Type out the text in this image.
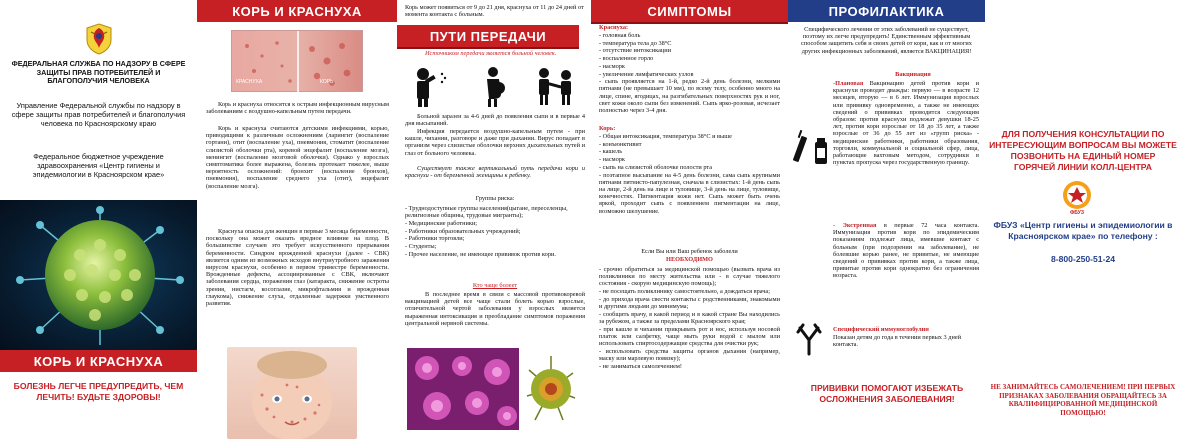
ФЕДЕРАЛЬНАЯ СЛУЖБА ПО НАДЗОРУ В СФЕРЕ ЗАЩИТЫ ПРАВ ПОТРЕБИТЕЛЕЙ И БЛАГОПОЛУЧИЯ ЧЕЛОВЕКА
Управление Федеральной службы по надзору в сфере защиты прав потребителей и благополучия человека по Красноярскому краю
Федеральное бюджетное учреждение здравоохранения «Центр гигиены и эпидемиологии в Красноярском крае»
КОРЬ И КРАСНУХА
БОЛЕЗНЬ ЛЕГЧЕ ПРЕДУПРЕДИТЬ, ЧЕМ ЛЕЧИТЬ! БУДЬТЕ ЗДОРОВЫ!
КОРЬ И КРАСНУХА
КРАСНУХА	КОРЬ
Корь и краснуха относятся к острым инфекционным вирусным заболеваниям с воздушно-капельным путем передачи.
Корь и краснуха считаются детскими инфекциями, корью, приводящими к различным осложнениям (ларингит (воспаление гортани), отит (воспаление уха), пневмония, стоматит (воспаление слизистой оболочки рта), коревой энцефалит (воспаление мозга), менингит (воспаление мозговой оболочки). Однако у взрослых симптоматика более выражена, болезнь протекает тяжелее, выше вероятность осложнений: бронхит (воспаление бронхов), пневмония), воспаление среднего уха (отит), энцефалит (воспаление мозга).
Краснуха опасна для женщин в первые 3 месяца беременности, поскольку она может оказать вредное влияние на плод. В большинстве случаев это требует искусственного прерывания беременности. Синдром врожденной краснухи (далее - СВК) является одним из возможных исходов внутриутробного заражения вирусом краснухи, особенно в первом триместре беременности. Врожденные дефекты, ассоциированные с СВК, включают заболевания сердца, поражения глаз (катаракта, снижение остроты зрения, нистагм, косоглазие, микрофтальмия и врожденная глаукома), снижение слуха, отдаленные задержки умственного развития.
Корь может появиться от 9 до 21 дня, краснуха от 11 до 24 дней от момента контакта с больным.
ПУТИ ПЕРЕДАЧИ
Источником передачи является больной человек.
Больной заразен за 4-6 дней до появления сыпи и в первые 4 дня высыпаний.
Инфекция передается воздушно-капельным путем - при кашле, чихании, разговоре и даже при дыхании. Вирус попадает в организм через слизистые оболочки верхних дыхательных путей и глаз от больного человека.
Существует также вертикальный путь передачи кори и краснухи - от беременной женщины к ребенку.
Группы риска:
- Труднодоступные группы населения(цыгане, переселенцы, религиозные общины, трудовые мигранты);
- Медицинские работники;
- Работники образовательных учреждений;
- Работники торговли;
- Студенты;
- Прочее население, не имеющее прививок против кори.
Кто чаще болеет
В последнее время в связи с массовой противокоревой вакцинацией детей все чаще стали болеть корью взрослые, отличительной чертой заболевания у взрослых является выраженная интоксикация и преобладание симптомов поражения центральной нервной системы.
СИМПТОМЫ
Краснуха:
- головная боль
- температура тела до 38°С
- отсутствие интоксикации
- воспаленное горло
- насморк
- увеличение лимфатических узлов
- сыпь проявляется на 1-й, редко 2-й день болезни, мелкими пятнами (не превышает 10 мм), по всему телу, особенно много на лице, спине, ягодицах, на разгибательных поверхностях рук и ног, свет кожи около сыпи без изменений. Сыпь ярко-розовая, исчезает полностью через 3-4 дня.
Корь:
- Общая интоксикация, температура 38°С и выше
- конъюнктивит
- кашель
- насморк
- сыпь на слизистой оболочке полости рта
- поэтапное высыпание на 4-5 день болезни, сама сыпь крупными пятнами пятнисто-папулезная, сначала в слизистых: 1-й день сыпь на лице, 2-й день на лице и туловище, 3-й день на лице, туловище, конечностях. Пигментация кожи нет. Сыпь может быть очень яркой, проходит сыпь с появлением пигментации на лице, возможно шелушение.
Если Вы или Ваш ребенок заболели
НЕОБХОДИМО
- срочно обратиться за медицинской помощью (вызвать врача из поликлиники по месту жительства или - в случае тяжелого состояния - скорую медицинскую помощь);
- не посещать поликлинику самостоятельно, а дождаться врача;
- до прихода врача свести контакты с родственниками, знакомыми и другими людьми до минимума;
- сообщить врачу, в какой период и в какой стране Вы находились за рубежом, а также за пределами Красноярского края;
- при кашле и чихании прикрывать рот и нос, используя носовой платок или салфетку, чаще мыть руки водой с мылом или использовать спиртосодержащие средства для очистки рук;
- использовать средства защиты органов дыхания (например, маску или марлевую повязку);
- не заниматься самолечением!
ПРОФИЛАКТИКА
Специфического лечения от этих заболеваний не существует, поэтому их легче предупредить! Единственным эффективным способом защитить себя и своих детей от кори, как и от многих других инфекционных заболеваний, является ВАКЦИНАЦИЯ!
Вакцинация
-Плановая Вакцинацию детей против кори и краснухи проводят дважды: первую — в возрасте 12 месяцев, вторую — в 6 лет. Иммунизация взрослых или прививку одновременно, а также не имеющих сведений о прививках проводится следующим образом: против краснухи подлежат девушки 18-25 лет, против кори взрослые от 18 до 35 лет, а также взрослые от 36 до 55 лет из «групп риска» - медицинские работники, работники образования, торговли, коммунальной и социальной сфер, лица, работающие вахтовым методом, сотрудники в пунктах пропуска через государственную границу.
- Экстренная в первые 72 часа контакта. Иммунизация против кори по эпидемическим показаниям подлежат лица, имевшие контакт с больным (при подозрении на заболевание), не болевшие корью ранее, не привитые, не имеющие сведений о прививках против кори, а также лица, привитые против кори однократно без ограничения возраста.
Специфический иммуноглобулин
Показан детям до года в течении первых 3 дней контакта.
ПРИВИВКИ ПОМОГАЮТ ИЗБЕЖАТЬ ОСЛОЖНЕНИЯ ЗАБОЛЕВАНИЯ!
ДЛЯ ПОЛУЧЕНИЯ КОНСУЛЬТАЦИИ ПО ИНТЕРЕСУЮЩИМ ВОПРОСАМ ВЫ МОЖЕТЕ ПОЗВОНИТЬ НА ЕДИНЫЙ НОМЕР ГОРЯЧЕЙ ЛИНИИ КОЛЛ-ЦЕНТРА
ФБУЗ
ФБУЗ «Центр гигиены и эпидемиологии в Красноярском крае» по телефону :
8-800-250-51-24
НЕ ЗАНИМАЙТЕСЬ САМОЛЕЧЕНИЕМ! ПРИ ПЕРВЫХ ПРИЗНАКАХ ЗАБОЛЕВАНИЯ ОБРАЩАЙТЕСЬ ЗА КВАЛИФИЦИРОВАННОЙ МЕДИЦИНСКОЙ ПОМОЩЬЮ!
